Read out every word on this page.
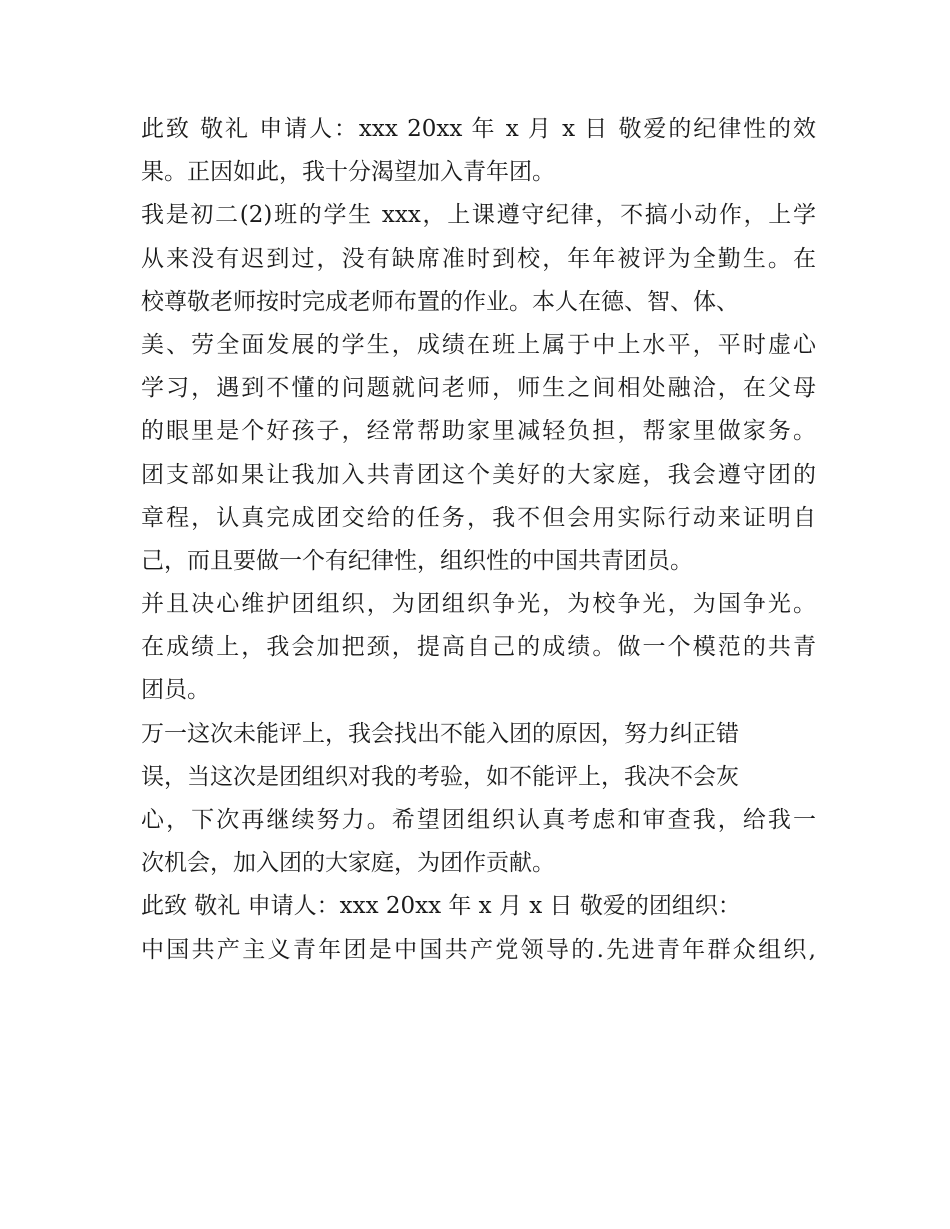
此致 敬礼 申请人：xxx 20xx 年 x 月 x 日 敬爱的纪律性的效
果。正因如此，我十分渴望加入青年团。
我是初二(2)班的学生 xxx，上课遵守纪律，不搞小动作，上学
从来没有迟到过，没有缺席准时到校，年年被评为全勤生。在
校尊敬老师按时完成老师布置的作业。本人在德、智、体、
美、劳全面发展的学生，成绩在班上属于中上水平，平时虚心
学习，遇到不懂的问题就问老师，师生之间相处融洽，在父母
的眼里是个好孩子，经常帮助家里减轻负担，帮家里做家务。
团支部如果让我加入共青团这个美好的大家庭，我会遵守团的
章程，认真完成团交给的任务，我不但会用实际行动来证明自
己，而且要做一个有纪律性，组织性的中国共青团员。
并且决心维护团组织，为团组织争光，为校争光，为国争光。
在成绩上，我会加把颈，提高自己的成绩。做一个模范的共青
团员。
万一这次未能评上，我会找出不能入团的原因，努力纠正错
误，当这次是团组织对我的考验，如不能评上，我决不会灰
心，下次再继续努力。希望团组织认真考虑和审查我，给我一
次机会，加入团的大家庭，为团作贡献。
此致 敬礼 申请人：xxx 20xx 年 x 月 x 日 敬爱的团组织：
中国共产主义青年团是中国共产党领导的.先进青年群众组织,
